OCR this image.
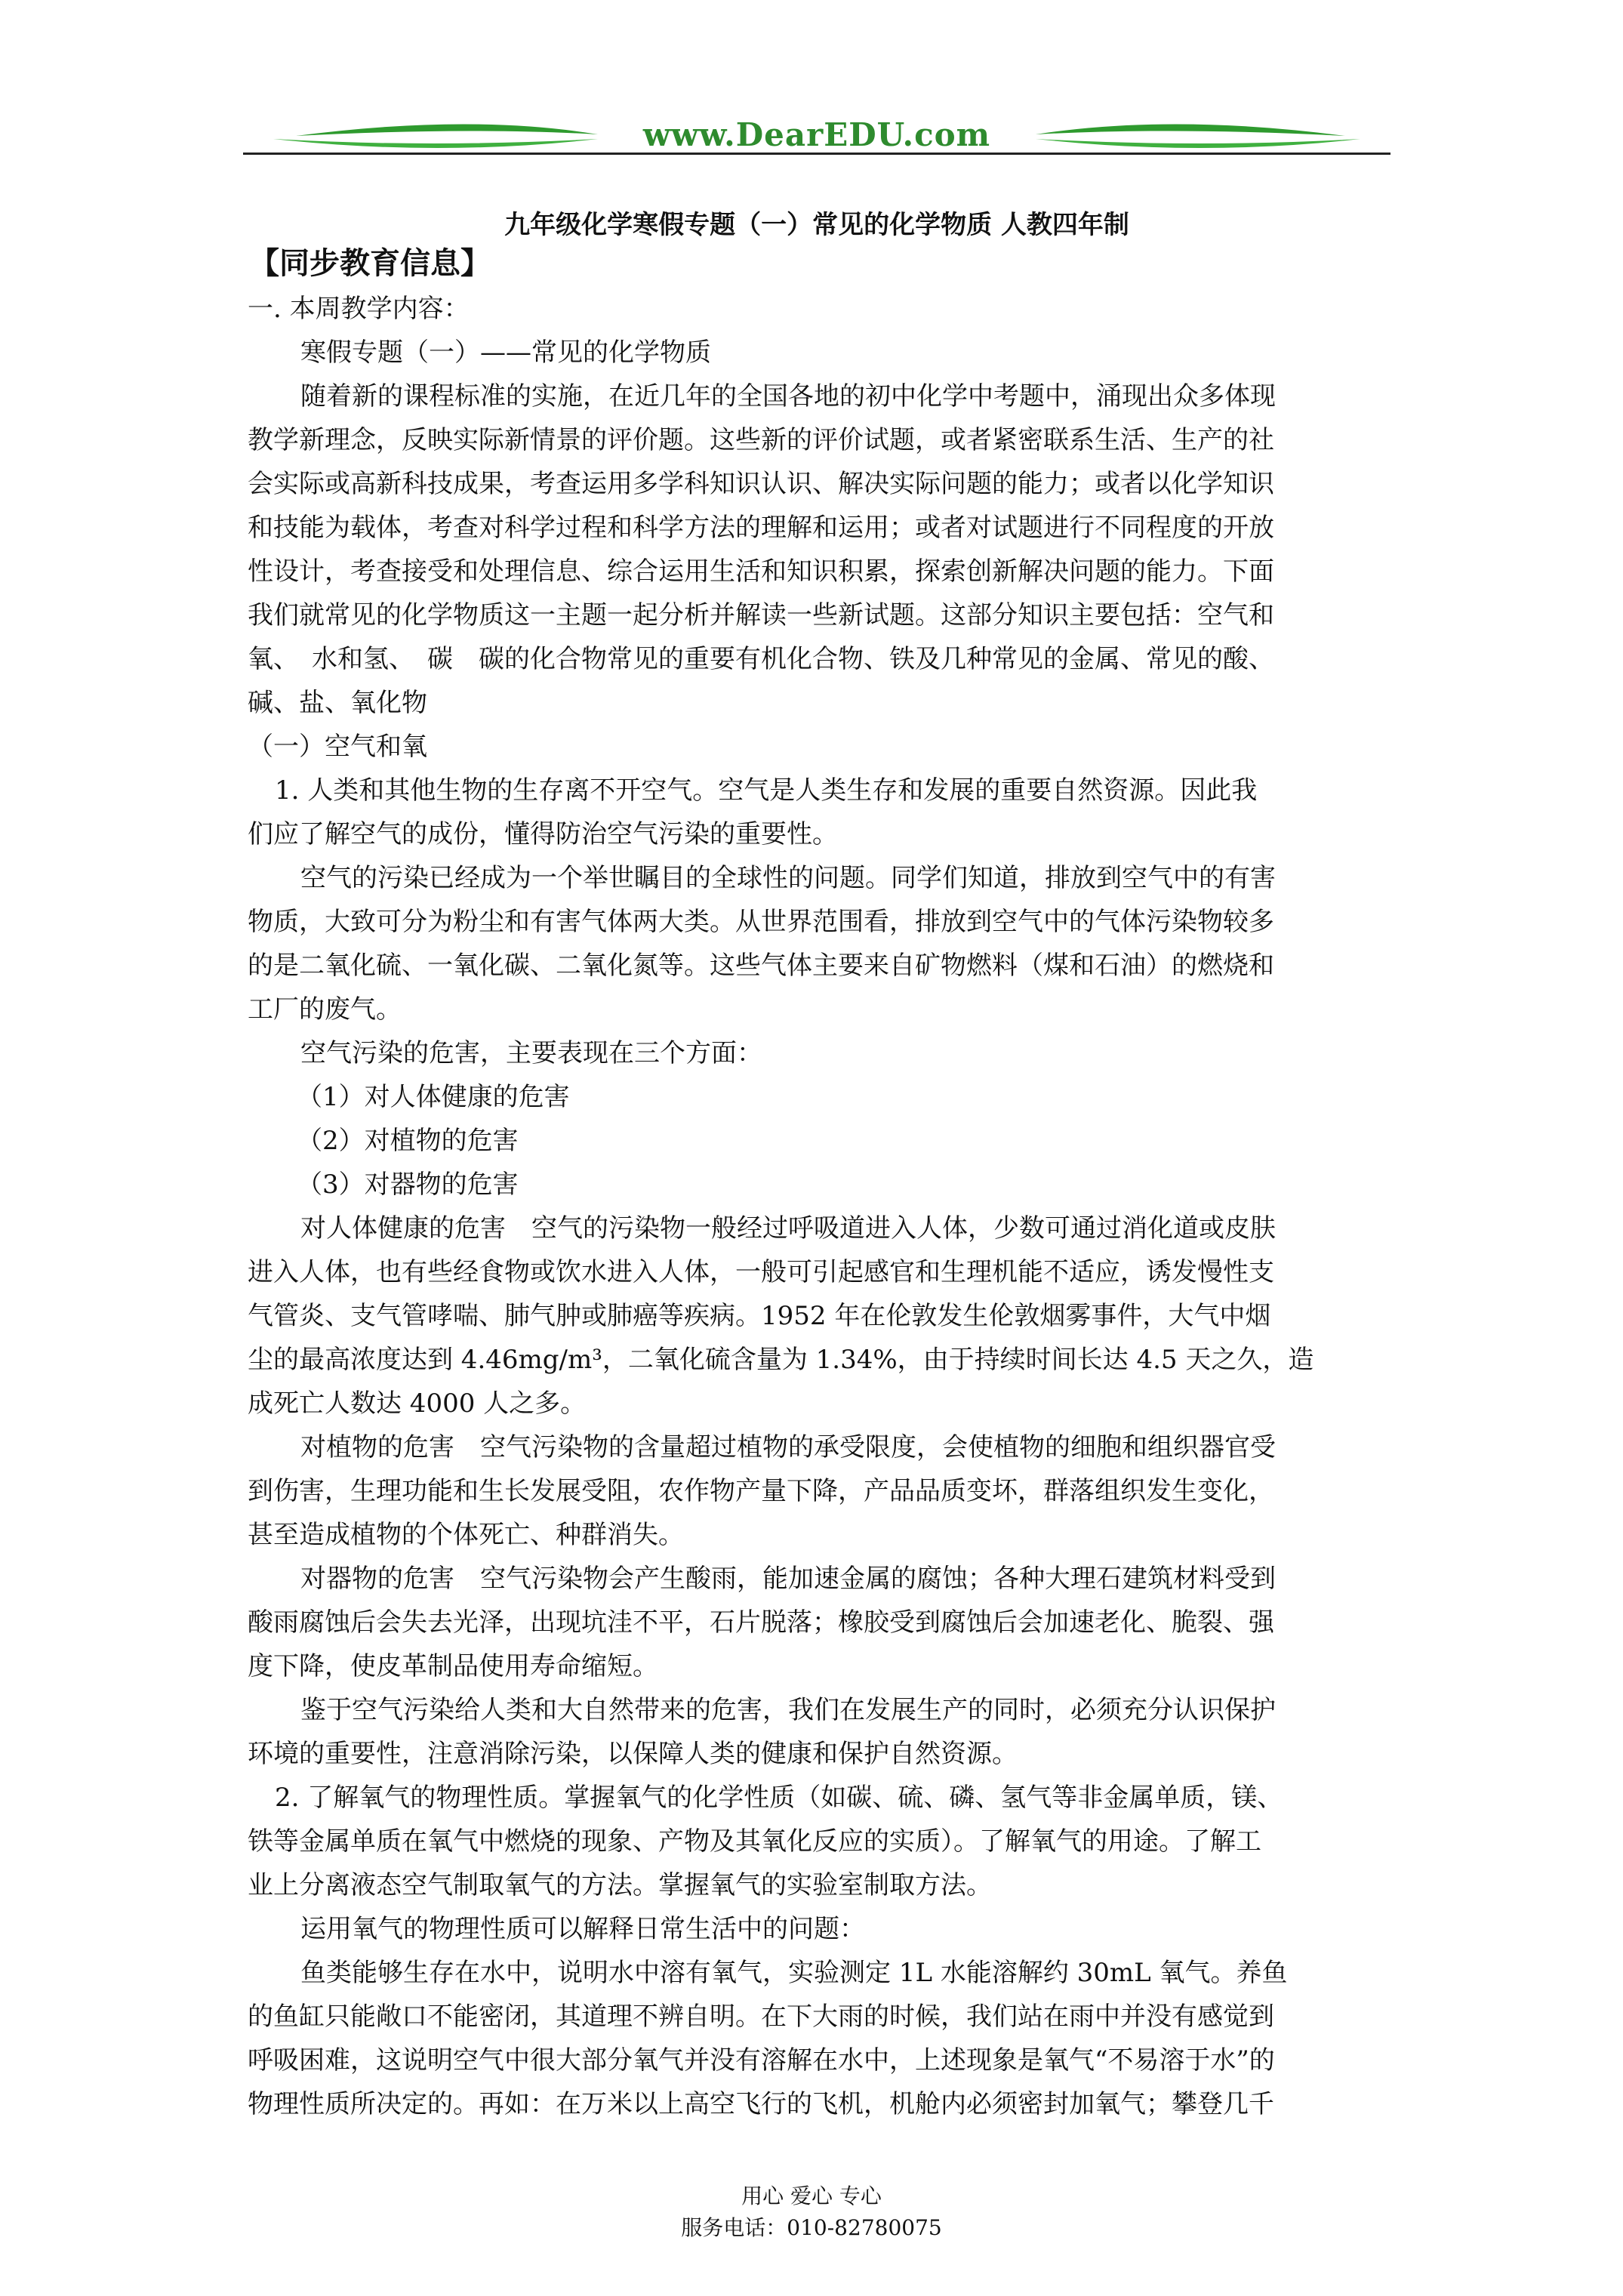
www.DearEDU.com
九年级化学寒假专题（一）常见的化学物质 人教四年制
【同步教育信息】
一. 本周教学内容：
寒假专题（一）——常见的化学物质
随着新的课程标准的实施，在近几年的全国各地的初中化学中考题中，涌现出众多体现
教学新理念，反映实际新情景的评价题。这些新的评价试题，或者紧密联系生活、生产的社
会实际或高新科技成果，考查运用多学科知识认识、解决实际问题的能力；或者以化学知识
和技能为载体，考查对科学过程和科学方法的理解和运用；或者对试题进行不同程度的开放
性设计，考查接受和处理信息、综合运用生活和知识积累，探索创新解决问题的能力。下面
我们就常见的化学物质这一主题一起分析并解读一些新试题。这部分知识主要包括：空气和
氧、　水和氢、　碳　碳的化合物常见的重要有机化合物、铁及几种常见的金属、常见的酸、
碱、盐、氧化物
（一）空气和氧
1. 人类和其他生物的生存离不开空气。空气是人类生存和发展的重要自然资源。因此我
们应了解空气的成份，懂得防治空气污染的重要性。
空气的污染已经成为一个举世瞩目的全球性的问题。同学们知道，排放到空气中的有害
物质，大致可分为粉尘和有害气体两大类。从世界范围看，排放到空气中的气体污染物较多
的是二氧化硫、一氧化碳、二氧化氮等。这些气体主要来自矿物燃料（煤和石油）的燃烧和
工厂的废气。
空气污染的危害，主要表现在三个方面：
（1）对人体健康的危害
（2）对植物的危害
（3）对器物的危害
对人体健康的危害　空气的污染物一般经过呼吸道进入人体，少数可通过消化道或皮肤
进入人体，也有些经食物或饮水进入人体，一般可引起感官和生理机能不适应，诱发慢性支
气管炎、支气管哮喘、肺气肿或肺癌等疾病。1952 年在伦敦发生伦敦烟雾事件，大气中烟
尘的最高浓度达到 4.46mg/m³，二氧化硫含量为 1.34%，由于持续时间长达 4.5 天之久，造
成死亡人数达 4000 人之多。
对植物的危害　空气污染物的含量超过植物的承受限度，会使植物的细胞和组织器官受
到伤害，生理功能和生长发展受阻，农作物产量下降，产品品质变坏，群落组织发生变化，
甚至造成植物的个体死亡、种群消失。
对器物的危害　空气污染物会产生酸雨，能加速金属的腐蚀；各种大理石建筑材料受到
酸雨腐蚀后会失去光泽，出现坑洼不平，石片脱落；橡胶受到腐蚀后会加速老化、脆裂、强
度下降，使皮革制品使用寿命缩短。
鉴于空气污染给人类和大自然带来的危害，我们在发展生产的同时，必须充分认识保护
环境的重要性，注意消除污染，以保障人类的健康和保护自然资源。
2. 了解氧气的物理性质。掌握氧气的化学性质（如碳、硫、磷、氢气等非金属单质，镁、
铁等金属单质在氧气中燃烧的现象、产物及其氧化反应的实质）。了解氧气的用途。了解工
业上分离液态空气制取氧气的方法。掌握氧气的实验室制取方法。
运用氧气的物理性质可以解释日常生活中的问题：
鱼类能够生存在水中，说明水中溶有氧气，实验测定 1L 水能溶解约 30mL 氧气。养鱼
的鱼缸只能敞口不能密闭，其道理不辨自明。在下大雨的时候，我们站在雨中并没有感觉到
呼吸困难，这说明空气中很大部分氧气并没有溶解在水中，上述现象是氧气“不易溶于水”的
物理性质所决定的。再如：在万米以上高空飞行的飞机，机舱内必须密封加氧气；攀登几千
用心 爱心 专心
服务电话：010-82780075
